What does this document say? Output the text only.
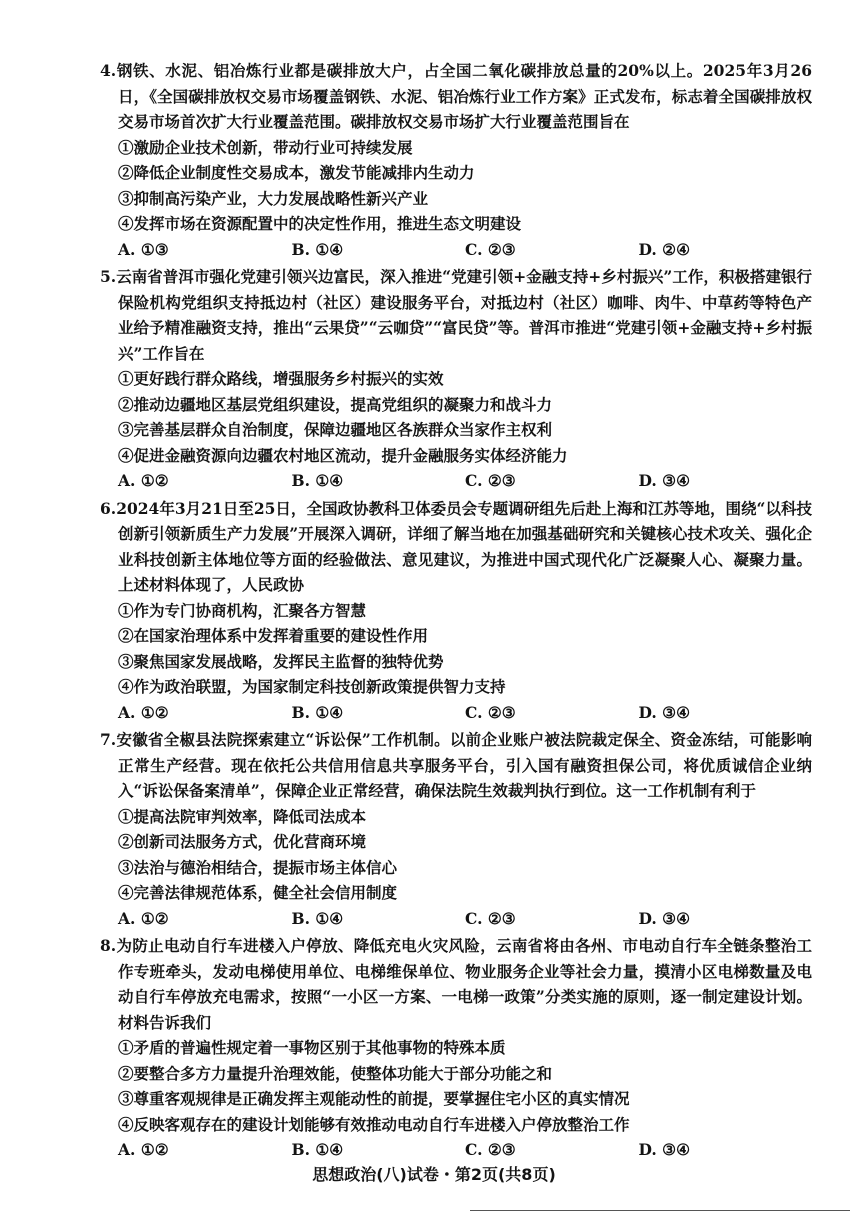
4.钢铁、水泥、铝冶炼行业都是碳排放大户，占全国二氧化碳排放总量的20%以上。2025年3月26日，《全国碳排放权交易市场覆盖钢铁、水泥、铝冶炼行业工作方案》正式发布，标志着全国碳排放权交易市场首次扩大行业覆盖范围。碳排放权交易市场扩大行业覆盖范围旨在

①激励企业技术创新，带动行业可持续发展

②降低企业制度性交易成本，激发节能减排内生动力

③抑制高污染产业，大力发展战略性新兴产业

④发挥市场在资源配置中的决定性作用，推进生态文明建设

A. ①③	B. ①④	C. ②③	D. ②④

5.云南省普洱市强化党建引领兴边富民，深入推进“党建引领+金融支持+乡村振兴”工作，积极搭建银行保险机构党组织支持抵边村（社区）建设服务平台，对抵边村（社区）咖啡、肉牛、中草药等特色产业给予精准融资支持，推出“云果贷”“云咖贷”“富民贷”等。普洱市推进“党建引领+金融支持+乡村振兴”工作旨在

①更好践行群众路线，增强服务乡村振兴的实效

②推动边疆地区基层党组织建设，提高党组织的凝聚力和战斗力

③完善基层群众自治制度，保障边疆地区各族群众当家作主权利

④促进金融资源向边疆农村地区流动，提升金融服务实体经济能力

A. ①②	B. ①④	C. ②③	D. ③④

6.2024年3月21日至25日，全国政协教科卫体委员会专题调研组先后赴上海和江苏等地，围绕“以科技创新引领新质生产力发展”开展深入调研，详细了解当地在加强基础研究和关键核心技术攻关、强化企业科技创新主体地位等方面的经验做法、意见建议，为推进中国式现代化广泛凝聚人心、凝聚力量。上述材料体现了，人民政协

①作为专门协商机构，汇聚各方智慧

②在国家治理体系中发挥着重要的建设性作用

③聚焦国家发展战略，发挥民主监督的独特优势

④作为政治联盟，为国家制定科技创新政策提供智力支持

A. ①②	B. ①④	C. ②③	D. ③④

7.安徽省全椒县法院探索建立“诉讼保”工作机制。以前企业账户被法院裁定保全、资金冻结，可能影响正常生产经营。现在依托公共信用信息共享服务平台，引入国有融资担保公司，将优质诚信企业纳入“诉讼保备案清单”，保障企业正常经营，确保法院生效裁判执行到位。这一工作机制有利于

①提高法院审判效率，降低司法成本

②创新司法服务方式，优化营商环境

③法治与德治相结合，提振市场主体信心

④完善法律规范体系，健全社会信用制度

A. ①②	B. ①④	C. ②③	D. ③④

8.为防止电动自行车进楼入户停放、降低充电火灾风险，云南省将由各州、市电动自行车全链条整治工作专班牵头，发动电梯使用单位、电梯维保单位、物业服务企业等社会力量，摸清小区电梯数量及电动自行车停放充电需求，按照“一小区一方案、一电梯一政策”分类实施的原则，逐一制定建设计划。材料告诉我们

①矛盾的普遍性规定着一事物区别于其他事物的特殊本质

②要整合多方力量提升治理效能，使整体功能大于部分功能之和

③尊重客观规律是正确发挥主观能动性的前提，要掌握住宅小区的真实情况

④反映客观存在的建设计划能够有效推动电动自行车进楼入户停放整治工作

A. ①②	B. ①④	C. ②③	D. ③④
思想政治(八)试卷・第2页(共8页)
